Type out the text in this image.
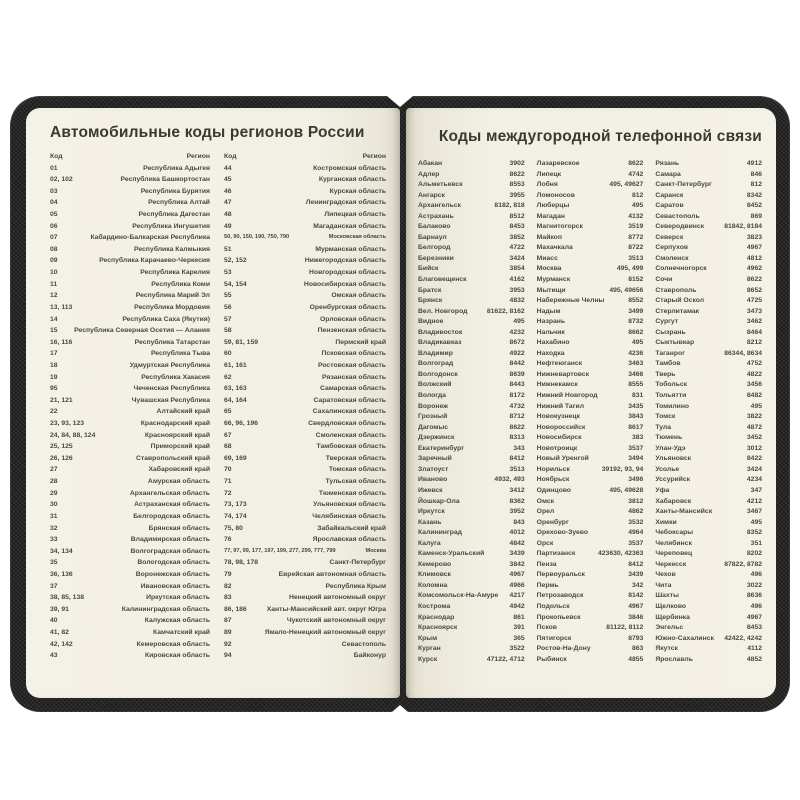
Автомобильные коды регионов России
Код	Регион
01	Республика Адыгея
02, 102	Республика Башкортостан
03	Республика Бурятия
04	Республика Алтай
05	Республика Дагестан
06	Республика Ингушетия
07	Кабардино-Балкарская Республика
08	Республика Калмыкия
09	Республика Карачаево-Черкесия
10	Республика Карелия
11	Республика Коми
12	Республика Марий Эл
13, 113	Республика Мордовия
14	Республика Саха (Якутия)
15	Республика Северная Осетия — Алания
16, 116	Республика Татарстан
17	Республика Тыва
18	Удмуртская Республика
19	Республика Хакасия
95	Чеченская Республика
21, 121	Чувашская Республика
22	Алтайский край
23, 93, 123	Краснодарский край
24, 84, 88, 124	Красноярский край
25, 125	Приморский край
26, 126	Ставропольский край
27	Хабаровский край
28	Амурская область
29	Архангельская область
30	Астраханская область
31	Белгородская область
32	Брянская область
33	Владимирская область
34, 134	Волгоградская область
35	Вологодская область
36, 136	Воронежская область
37	Ивановская область
38, 85, 138	Иркутская область
39, 91	Калининградская область
40	Калужская область
41, 82	Камчатский край
42, 142	Кемеровская область
43	Кировская область
Код	Регион
44	Костромская область
45	Курганская область
46	Курская область
47	Ленинградская область
48	Липецкая область
49	Магаданская область
50, 90, 150, 190, 750, 790	Московская область
51	Мурманская область
52, 152	Нижегородская область
53	Новгородская область
54, 154	Новосибирская область
55	Омская область
56	Оренбургская область
57	Орловская область
58	Пензенская область
59, 81, 159	Пермский край
60	Псковская область
61, 161	Ростовская область
62	Рязанская область
63, 163	Самарская область
64, 164	Саратовская область
65	Сахалинская область
66, 96, 196	Свердловская область
67	Смоленская область
68	Тамбовская область
69, 169	Тверская область
70	Томская область
71	Тульская область
72	Тюменская область
73, 173	Ульяновская область
74, 174	Челябинская область
75, 80	Забайкальский край
76	Ярославская область
77, 97, 99, 177, 197, 199, 277, 299, 777, 799	Москва
78, 98, 178	Санкт-Петербург
79	Еврейская автономная область
82	Республика Крым
83	Ненецкий автономный округ
86, 186	Ханты-Мансийский авт. округ Югра
87	Чукотский автономный округ
89	Ямало-Ненецкий автономный округ
92	Севастополь
94	Байконур
Коды междугородной телефонной связи
Абакан	3902
Адлер	8622
Альметьевск	8553
Ангарск	3955
Архангельск	8182, 818
Астрахань	8512
Балаково	8453
Барнаул	3852
Белгород	4722
Березники	3424
Бийск	3854
Благовещенск	4162
Братск	3953
Брянск	4832
Вел. Новгород	81622, 8162
Видное	495
Владивосток	4232
Владикавказ	8672
Владимир	4922
Волгоград	8442
Волгодонск	8639
Волжский	8443
Вологда	8172
Воронеж	4732
Грозный	8712
Дагомыс	8622
Дзержинск	8313
Екатеринбург	343
Заречный	8412
Златоуст	3513
Иваново	4932, 493
Ижевск	3412
Йошкар-Ола	8362
Иркутск	3952
Казань	843
Калининград	4012
Калуга	4842
Каменск-Уральский	3439
Кемерово	3842
Климовск	4967
Коломна	4966
Комсомольск-На-Амуре	4217
Кострома	4942
Краснодар	861
Красноярск	391
Крым	365
Курган	3522
Курск	47122, 4712
Лазаревское	8622
Липецк	4742
Лобня	495, 49627
Ломоносов	812
Люберцы	495
Магадан	4132
Магнитогорск	3519
Майкоп	8772
Махачкала	8722
Миасс	3513
Москва	495, 499
Мурманск	8152
Мытищи	495, 49656
Набережные Челны	8552
Надым	3499
Назрань	8732
Нальчик	8662
Нахабино	495
Находка	4236
Нефтеюганск	3463
Нижневартовск	3466
Нижнекамск	8555
Нижний Новгород	831
Нижний Тагил	3435
Новокузнецк	3843
Новороссийск	8617
Новосибирск	383
Новотроицк	3537
Новый Уренгой	3494
Норильск	39192, 93, 94
Ноябрьск	3496
Одинцово	495, 49628
Омск	3812
Орел	4862
Оренбург	3532
Орехово-Зуево	4964
Орск	3537
Партизанск	423630, 42363
Пенза	8412
Первоуральск	3439
Пермь	342
Петрозаводск	8142
Подольск	4967
Прокопьевск	3846
Псков	81122, 8112
Пятигорск	8793
Ростов-На-Дону	863
Рыбинск	4855
Рязань	4912
Самара	846
Санкт-Петербург	812
Саранск	8342
Саратов	8452
Севастополь	869
Северодвинск	81842, 8184
Северск	3823
Серпухов	4967
Смоленск	4812
Солнечногорск	4962
Сочи	8622
Ставрополь	8652
Старый Оскол	4725
Стерлитамак	3473
Сургут	3462
Сызрань	8464
Сыктывкар	8212
Таганрог	86344, 8634
Тамбов	4752
Тверь	4822
Тобольск	3456
Тольятти	8482
Томилино	495
Томск	3822
Тула	4872
Тюмень	3452
Улан-Удэ	3012
Ульяновск	8422
Усолье	3424
Уссурийск	4234
Уфа	347
Хабаровск	4212
Ханты-Мансийск	3467
Химки	495
Чебоксары	8352
Челябинск	351
Череповец	8202
Черкесск	87822, 8782
Чехов	496
Чита	3022
Шахты	8636
Щелково	496
Щербинка	4967
Энгельс	8453
Южно-Сахалинск	42422, 4242
Якутск	4112
Ярославль	4852
